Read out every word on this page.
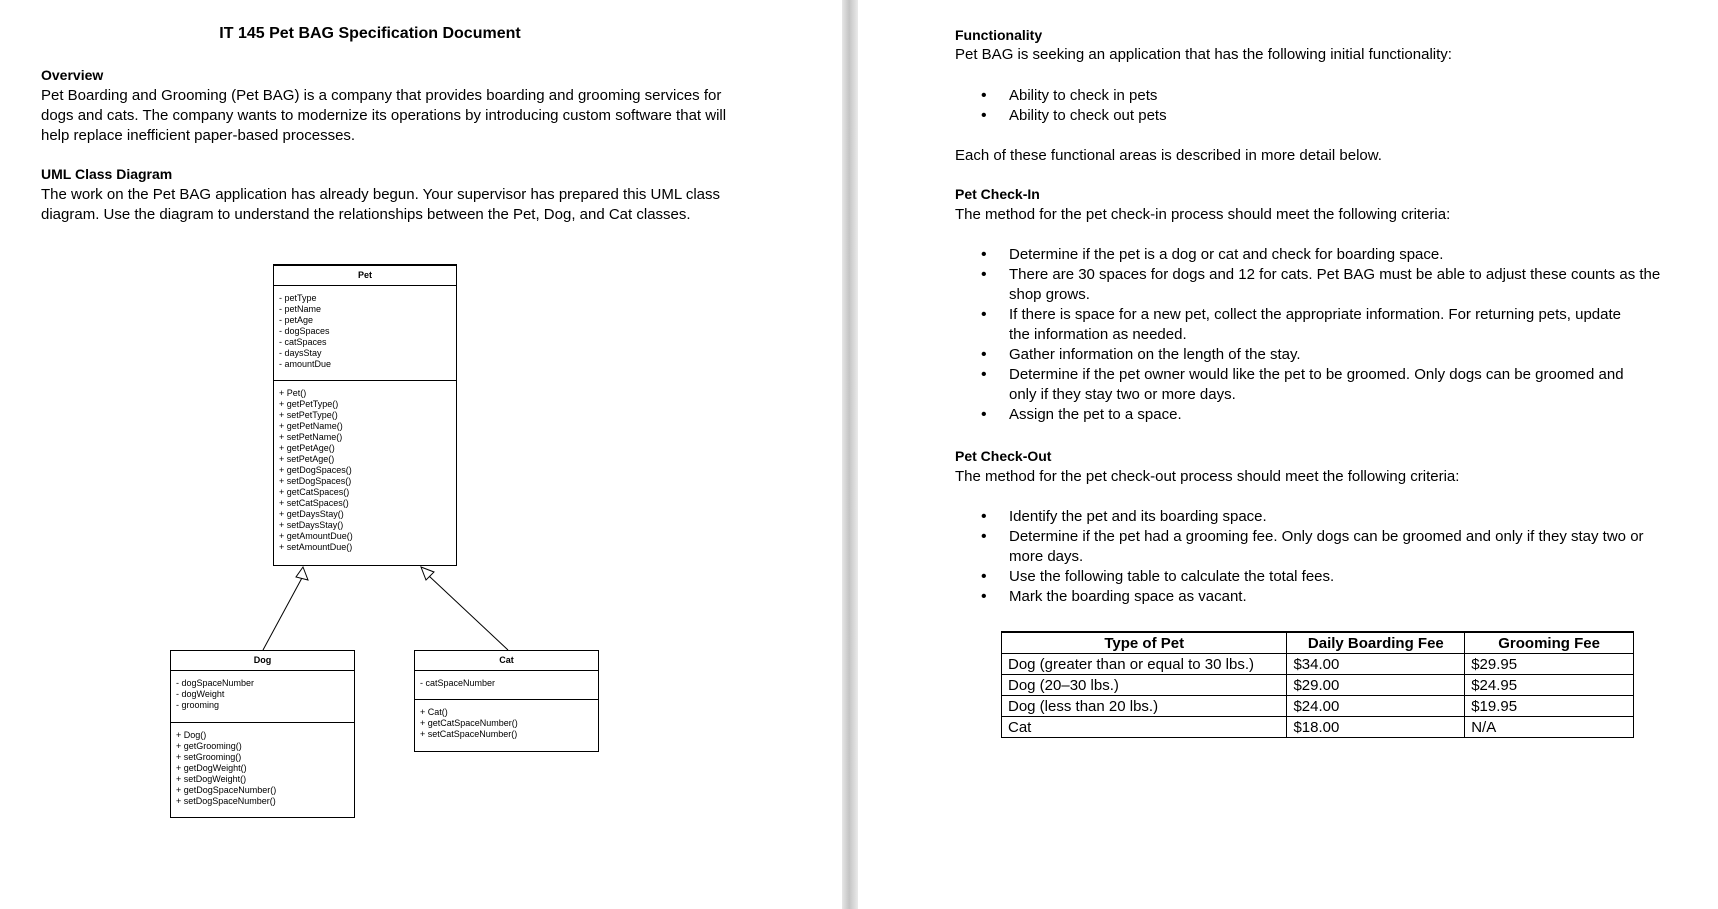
IT 145 Pet BAG Specification Document
Overview
Pet Boarding and Grooming (Pet BAG) is a company that provides boarding and grooming services for
dogs and cats. The company wants to modernize its operations by introducing custom software that will
help replace inefficient paper-based processes.
UML Class Diagram
The work on the Pet BAG application has already begun. Your supervisor has prepared this UML class
diagram. Use the diagram to understand the relationships between the Pet, Dog, and Cat classes.
Pet
- petType
- petName
- petAge
- dogSpaces
- catSpaces
- daysStay
- amountDue
+ Pet()
+ getPetType()
+ setPetType()
+ getPetName()
+ setPetName()
+ getPetAge()
+ setPetAge()
+ getDogSpaces()
+ setDogSpaces()
+ getCatSpaces()
+ setCatSpaces()
+ getDaysStay()
+ setDaysStay()
+ getAmountDue()
+ setAmountDue()
Dog
- dogSpaceNumber
- dogWeight
- grooming
+ Dog()
+ getGrooming()
+ setGrooming()
+ getDogWeight()
+ setDogWeight()
+ getDogSpaceNumber()
+ setDogSpaceNumber()
Cat
- catSpaceNumber
+ Cat()
+ getCatSpaceNumber()
+ setCatSpaceNumber()
Functionality
Pet BAG is seeking an application that has the following initial functionality:
• Ability to check in pets
• Ability to check out pets
Each of these functional areas is described in more detail below.
Pet Check-In
The method for the pet check-in process should meet the following criteria:
• Determine if the pet is a dog or cat and check for boarding space.
• There are 30 spaces for dogs and 12 for cats. Pet BAG must be able to adjust these counts as the
shop grows.
• If there is space for a new pet, collect the appropriate information. For returning pets, update
the information as needed.
• Gather information on the length of the stay.
• Determine if the pet owner would like the pet to be groomed. Only dogs can be groomed and
only if they stay two or more days.
• Assign the pet to a space.
Pet Check-Out
The method for the pet check-out process should meet the following criteria:
• Identify the pet and its boarding space.
• Determine if the pet had a grooming fee. Only dogs can be groomed and only if they stay two or
more days.
• Use the following table to calculate the total fees.
• Mark the boarding space as vacant.
Type of Pet	Daily Boarding Fee	Grooming Fee
Dog (greater than or equal to 30 lbs.)	$34.00	$29.95
Dog (20–30 lbs.)	$29.00	$24.95
Dog (less than 20 lbs.)	$24.00	$19.95
Cat	$18.00	N/A
